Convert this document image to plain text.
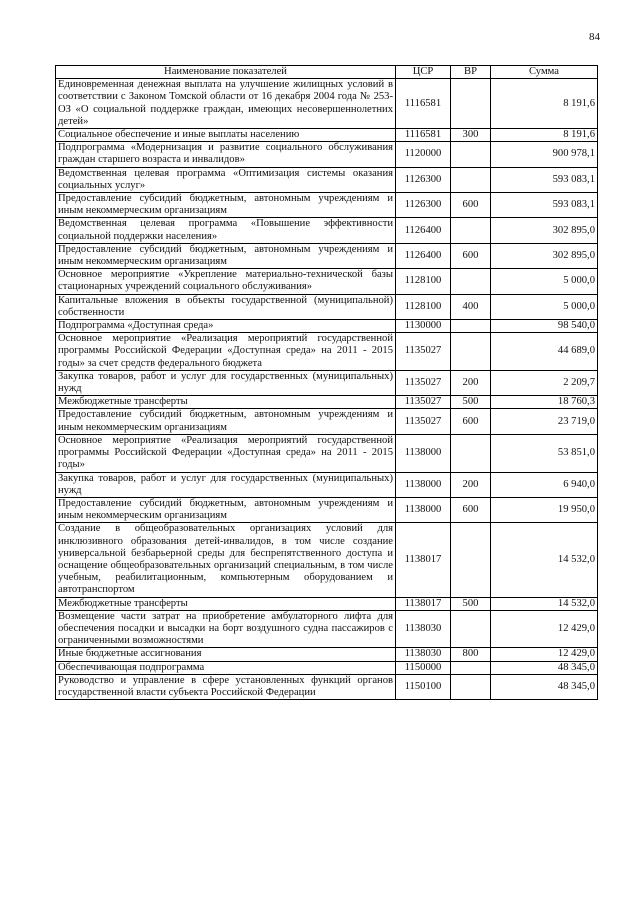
84
Наименование показателей	ЦСР	ВР	Сумма
Единовременная денежная выплата на улучшение жилищных условий в соответствии с Законом Томской области от 16 декабря 2004 года № 253-ОЗ «О социальной поддержке граждан, имеющих несовершеннолетних детей»	1116581		8 191,6
Социальное обеспечение и иные выплаты населению	1116581	300	8 191,6
Подпрограмма «Модернизация и развитие социального обслуживания граждан старшего возраста и инвалидов»	1120000		900 978,1
Ведомственная целевая программа «Оптимизация системы оказания социальных услуг»	1126300		593 083,1
Предоставление субсидий бюджетным, автономным учреждениям и иным некоммерческим организациям	1126300	600	593 083,1
Ведомственная целевая программа «Повышение эффективности социальной поддержки населения»	1126400		302 895,0
Предоставление субсидий бюджетным, автономным учреждениям и иным некоммерческим организациям	1126400	600	302 895,0
Основное мероприятие «Укрепление материально-технической базы стационарных учреждений социального обслуживания»	1128100		5 000,0
Капитальные вложения в объекты государственной (муниципальной) собственности	1128100	400	5 000,0
Подпрограмма «Доступная среда»	1130000		98 540,0
Основное мероприятие «Реализация мероприятий государственной программы Российской Федерации «Доступная среда» на 2011 - 2015 годы» за счет средств федерального бюджета	1135027		44 689,0
Закупка товаров, работ и услуг для государственных (муниципальных) нужд	1135027	200	2 209,7
Межбюджетные трансферты	1135027	500	18 760,3
Предоставление субсидий бюджетным, автономным учреждениям и иным некоммерческим организациям	1135027	600	23 719,0
Основное мероприятие «Реализация мероприятий государственной программы Российской Федерации «Доступная среда» на 2011 - 2015 годы»	1138000		53 851,0
Закупка товаров, работ и услуг для государственных (муниципальных) нужд	1138000	200	6 940,0
Предоставление субсидий бюджетным, автономным учреждениям и иным некоммерческим организациям	1138000	600	19 950,0
Создание в общеобразовательных организациях условий для инклюзивного образования детей-инвалидов, в том числе создание универсальной безбарьерной среды для беспрепятственного доступа и оснащение общеобразовательных организаций специальным, в том числе учебным, реабилитационным, компьютерным оборудованием и автотранспортом	1138017		14 532,0
Межбюджетные трансферты	1138017	500	14 532,0
Возмещение части затрат на приобретение амбулаторного лифта для обеспечения посадки и высадки на борт воздушного судна пассажиров с ограниченными возможностями	1138030		12 429,0
Иные бюджетные ассигнования	1138030	800	12 429,0
Обеспечивающая подпрограмма	1150000		48 345,0
Руководство и управление в сфере установленных функций органов государственной власти субъекта Российской Федерации	1150100		48 345,0
